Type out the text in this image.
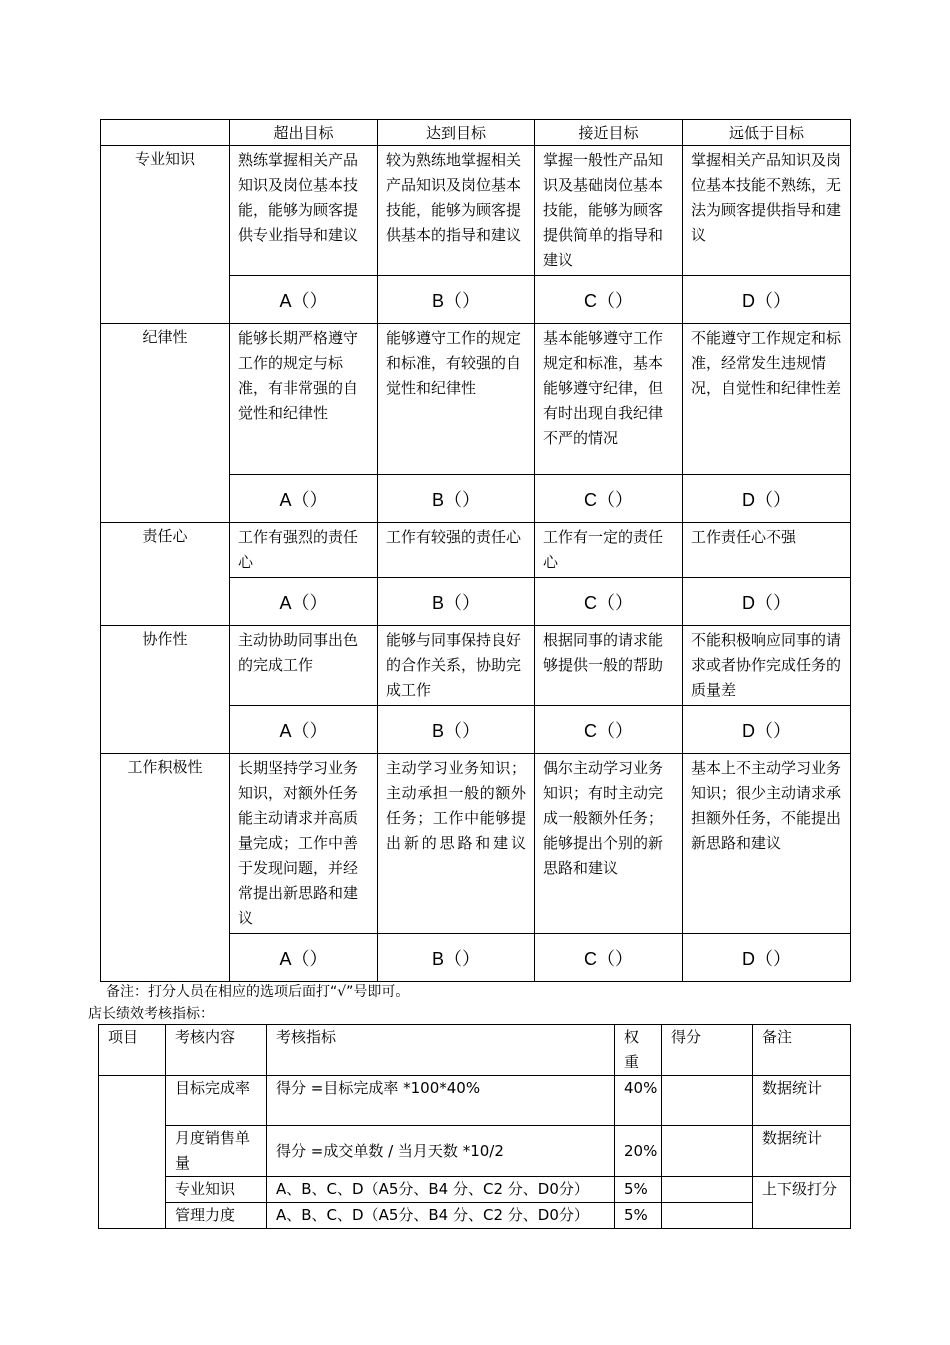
	超出目标	达到目标	接近目标	远低于目标
专业知识	熟练掌握相关产品知识及岗位基本技能，能够为顾客提供专业指导和建议	较为熟练地掌握相关产品知识及岗位基本技能，能够为顾客提供基本的指导和建议	掌握一般性产品知识及基础岗位基本技能，能够为顾客提供简单的指导和建议	掌握相关产品知识及岗位基本技能不熟练，无法为顾客提供指导和建议
	A（）	B（）	C（）	D（）
纪律性	能够长期严格遵守工作的规定与标准，有非常强的自觉性和纪律性	能够遵守工作的规定和标准，有较强的自觉性和纪律性	基本能够遵守工作规定和标准，基本能够遵守纪律，但有时出现自我纪律不严的情况	不能遵守工作规定和标准，经常发生违规情况，自觉性和纪律性差
	A（）	B（）	C（）	D（）
责任心	工作有强烈的责任心	工作有较强的责任心	工作有一定的责任心	工作责任心不强
	A（）	B（）	C（）	D（）
协作性	主动协助同事出色的完成工作	能够与同事保持良好的合作关系，协助完成工作	根据同事的请求能够提供一般的帮助	不能积极响应同事的请求或者协作完成任务的质量差
	A（）	B（）	C（）	D（）
工作积极性	长期坚持学习业务知识，对额外任务能主动请求并高质量完成；工作中善于发现问题，并经常提出新思路和建议	主动学习业务知识；主动承担一般的额外任务；工作中能够提出新的思路和建议	偶尔主动学习业务知识；有时主动完成一般额外任务；能够提出个别的新思路和建议	基本上不主动学习业务知识；很少主动请求承担额外任务，不能提出新思路和建议
	A（）	B（）	C（）	D（）
备注：打分人员在相应的选项后面打“√”号即可。
店长绩效考核指标：
项目	考核内容	考核指标	权重	得分	备注
	目标完成率	得分 =目标完成率 *100*40%	40%		数据统计
	月度销售单量	得分 =成交单数 / 当月天数 *10/2	20%		数据统计
	专业知识	A、B、C、D（A5分、B4 分、C2 分、D0分）	5%		上下级打分
	管理力度	A、B、C、D（A5分、B4 分、C2 分、D0分）	5%		
